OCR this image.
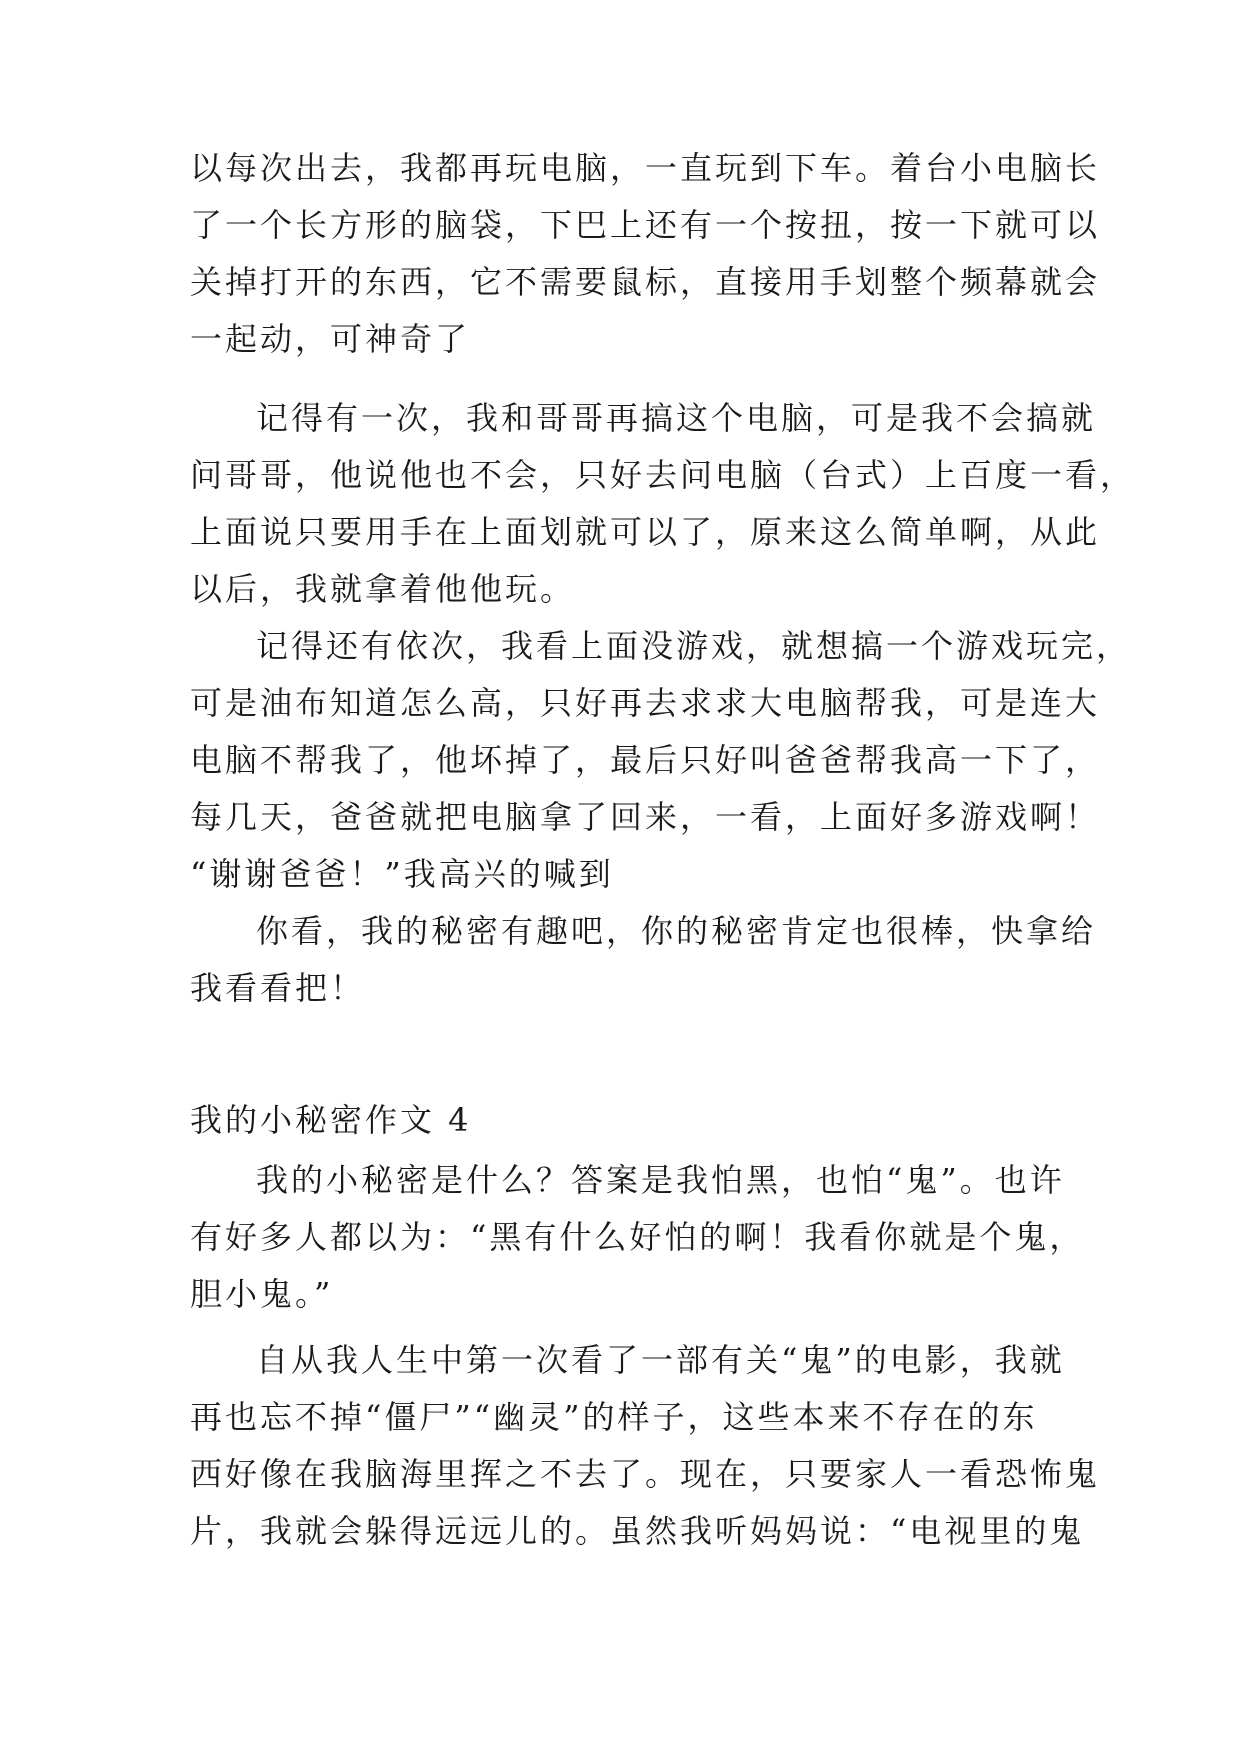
以每次出去，我都再玩电脑，一直玩到下车。着台小电脑长
了一个长方形的脑袋，下巴上还有一个按扭，按一下就可以
关掉打开的东西，它不需要鼠标，直接用手划整个频幕就会
一起动，可神奇了
记得有一次，我和哥哥再搞这个电脑，可是我不会搞就
问哥哥，他说他也不会，只好去问电脑（台式）上百度一看，
上面说只要用手在上面划就可以了，原来这么简单啊，从此
以后，我就拿着他他玩。
记得还有依次，我看上面没游戏，就想搞一个游戏玩完，
可是油布知道怎么高，只好再去求求大电脑帮我，可是连大
电脑不帮我了，他坏掉了，最后只好叫爸爸帮我高一下了，
每几天，爸爸就把电脑拿了回来，一看，上面好多游戏啊！
“谢谢爸爸！”我高兴的喊到
你看，我的秘密有趣吧，你的秘密肯定也很棒，快拿给
我看看把！
我的小秘密作文 4
我的小秘密是什么？答案是我怕黑，也怕“鬼”。也许
有好多人都以为：“黑有什么好怕的啊！我看你就是个鬼，
胆小鬼。”
自从我人生中第一次看了一部有关“鬼”的电影，我就
再也忘不掉“僵尸”“幽灵”的样子，这些本来不存在的东
西好像在我脑海里挥之不去了。现在，只要家人一看恐怖鬼
片，我就会躲得远远儿的。虽然我听妈妈说：“电视里的鬼
